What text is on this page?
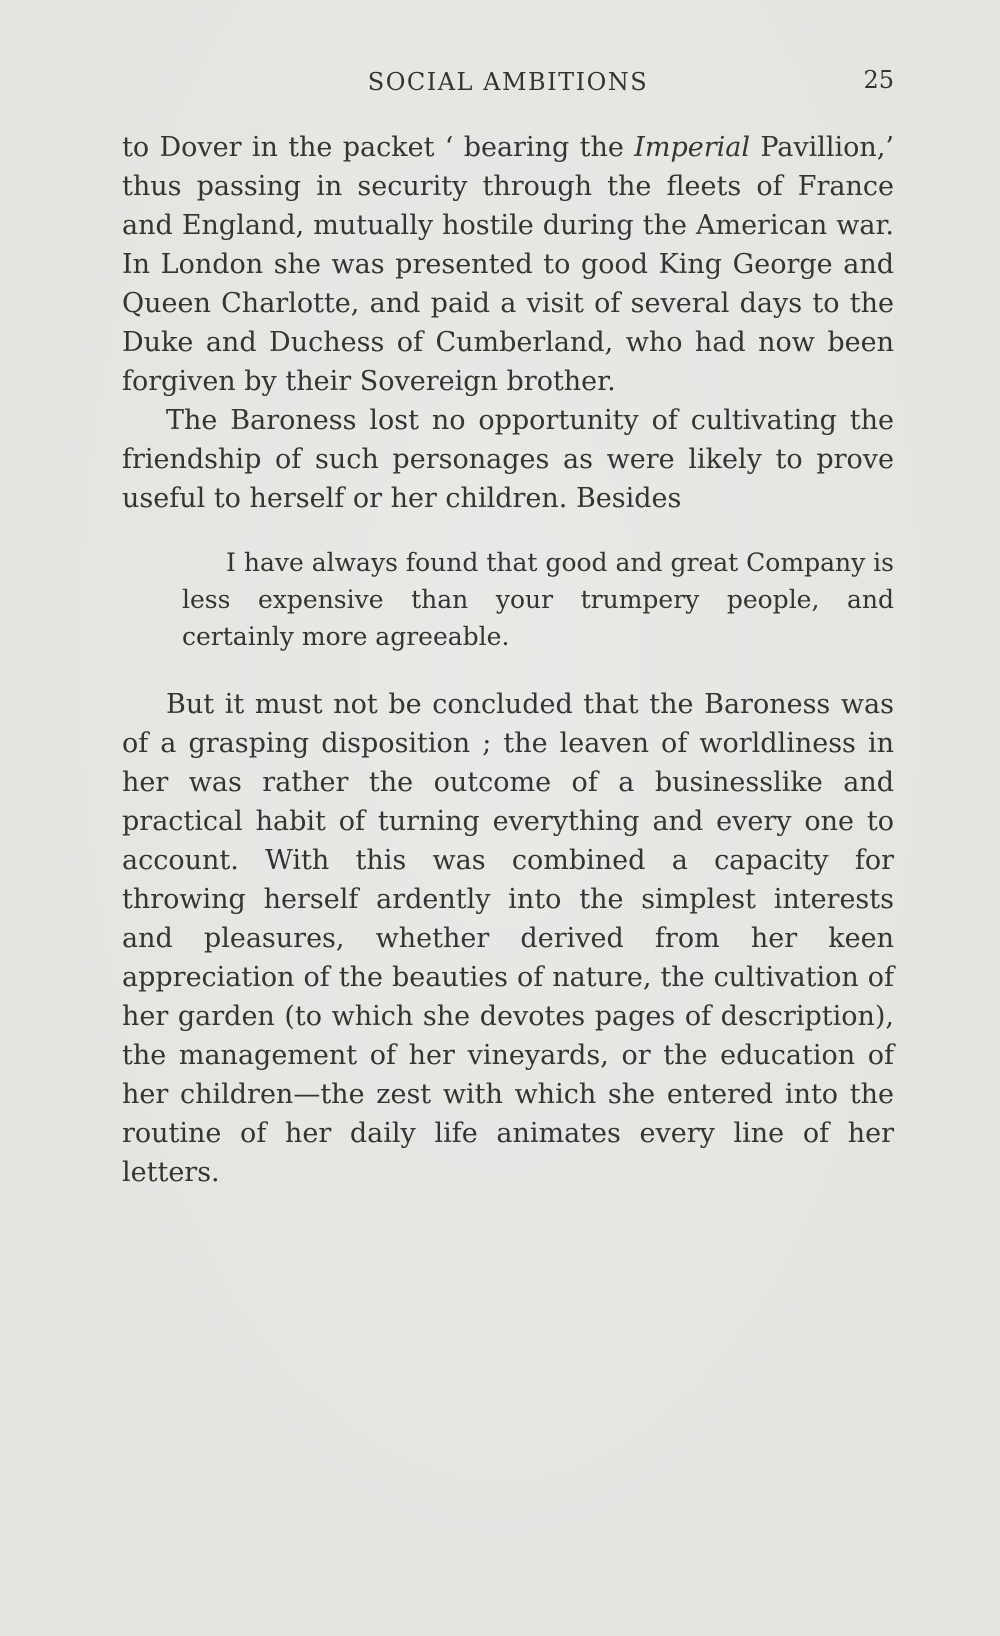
SOCIAL AMBITIONS	25

to Dover in the packet ‘ bearing the Imperial Pavillion,’ thus passing in security through the fleets of France and England, mutually hostile during the American war. In London she was presented to good King George and Queen Charlotte, and paid a visit of several days to the Duke and Duchess of Cumberland, who had now been forgiven by their Sovereign brother.

The Baroness lost no opportunity of cultivating the friendship of such personages as were likely to prove useful to herself or her children. Besides

I have always found that good and great Company is less expensive than your trumpery people, and certainly more agreeable.

But it must not be concluded that the Baroness was of a grasping disposition ; the leaven of worldliness in her was rather the outcome of a businesslike and practical habit of turning everything and every one to account. With this was combined a capacity for throwing herself ardently into the simplest interests and pleasures, whether derived from her keen appreciation of the beauties of nature, the cultivation of her garden (to which she devotes pages of description), the management of her vineyards, or the education of her children—the zest with which she entered into the routine of her daily life animates every line of her letters.
